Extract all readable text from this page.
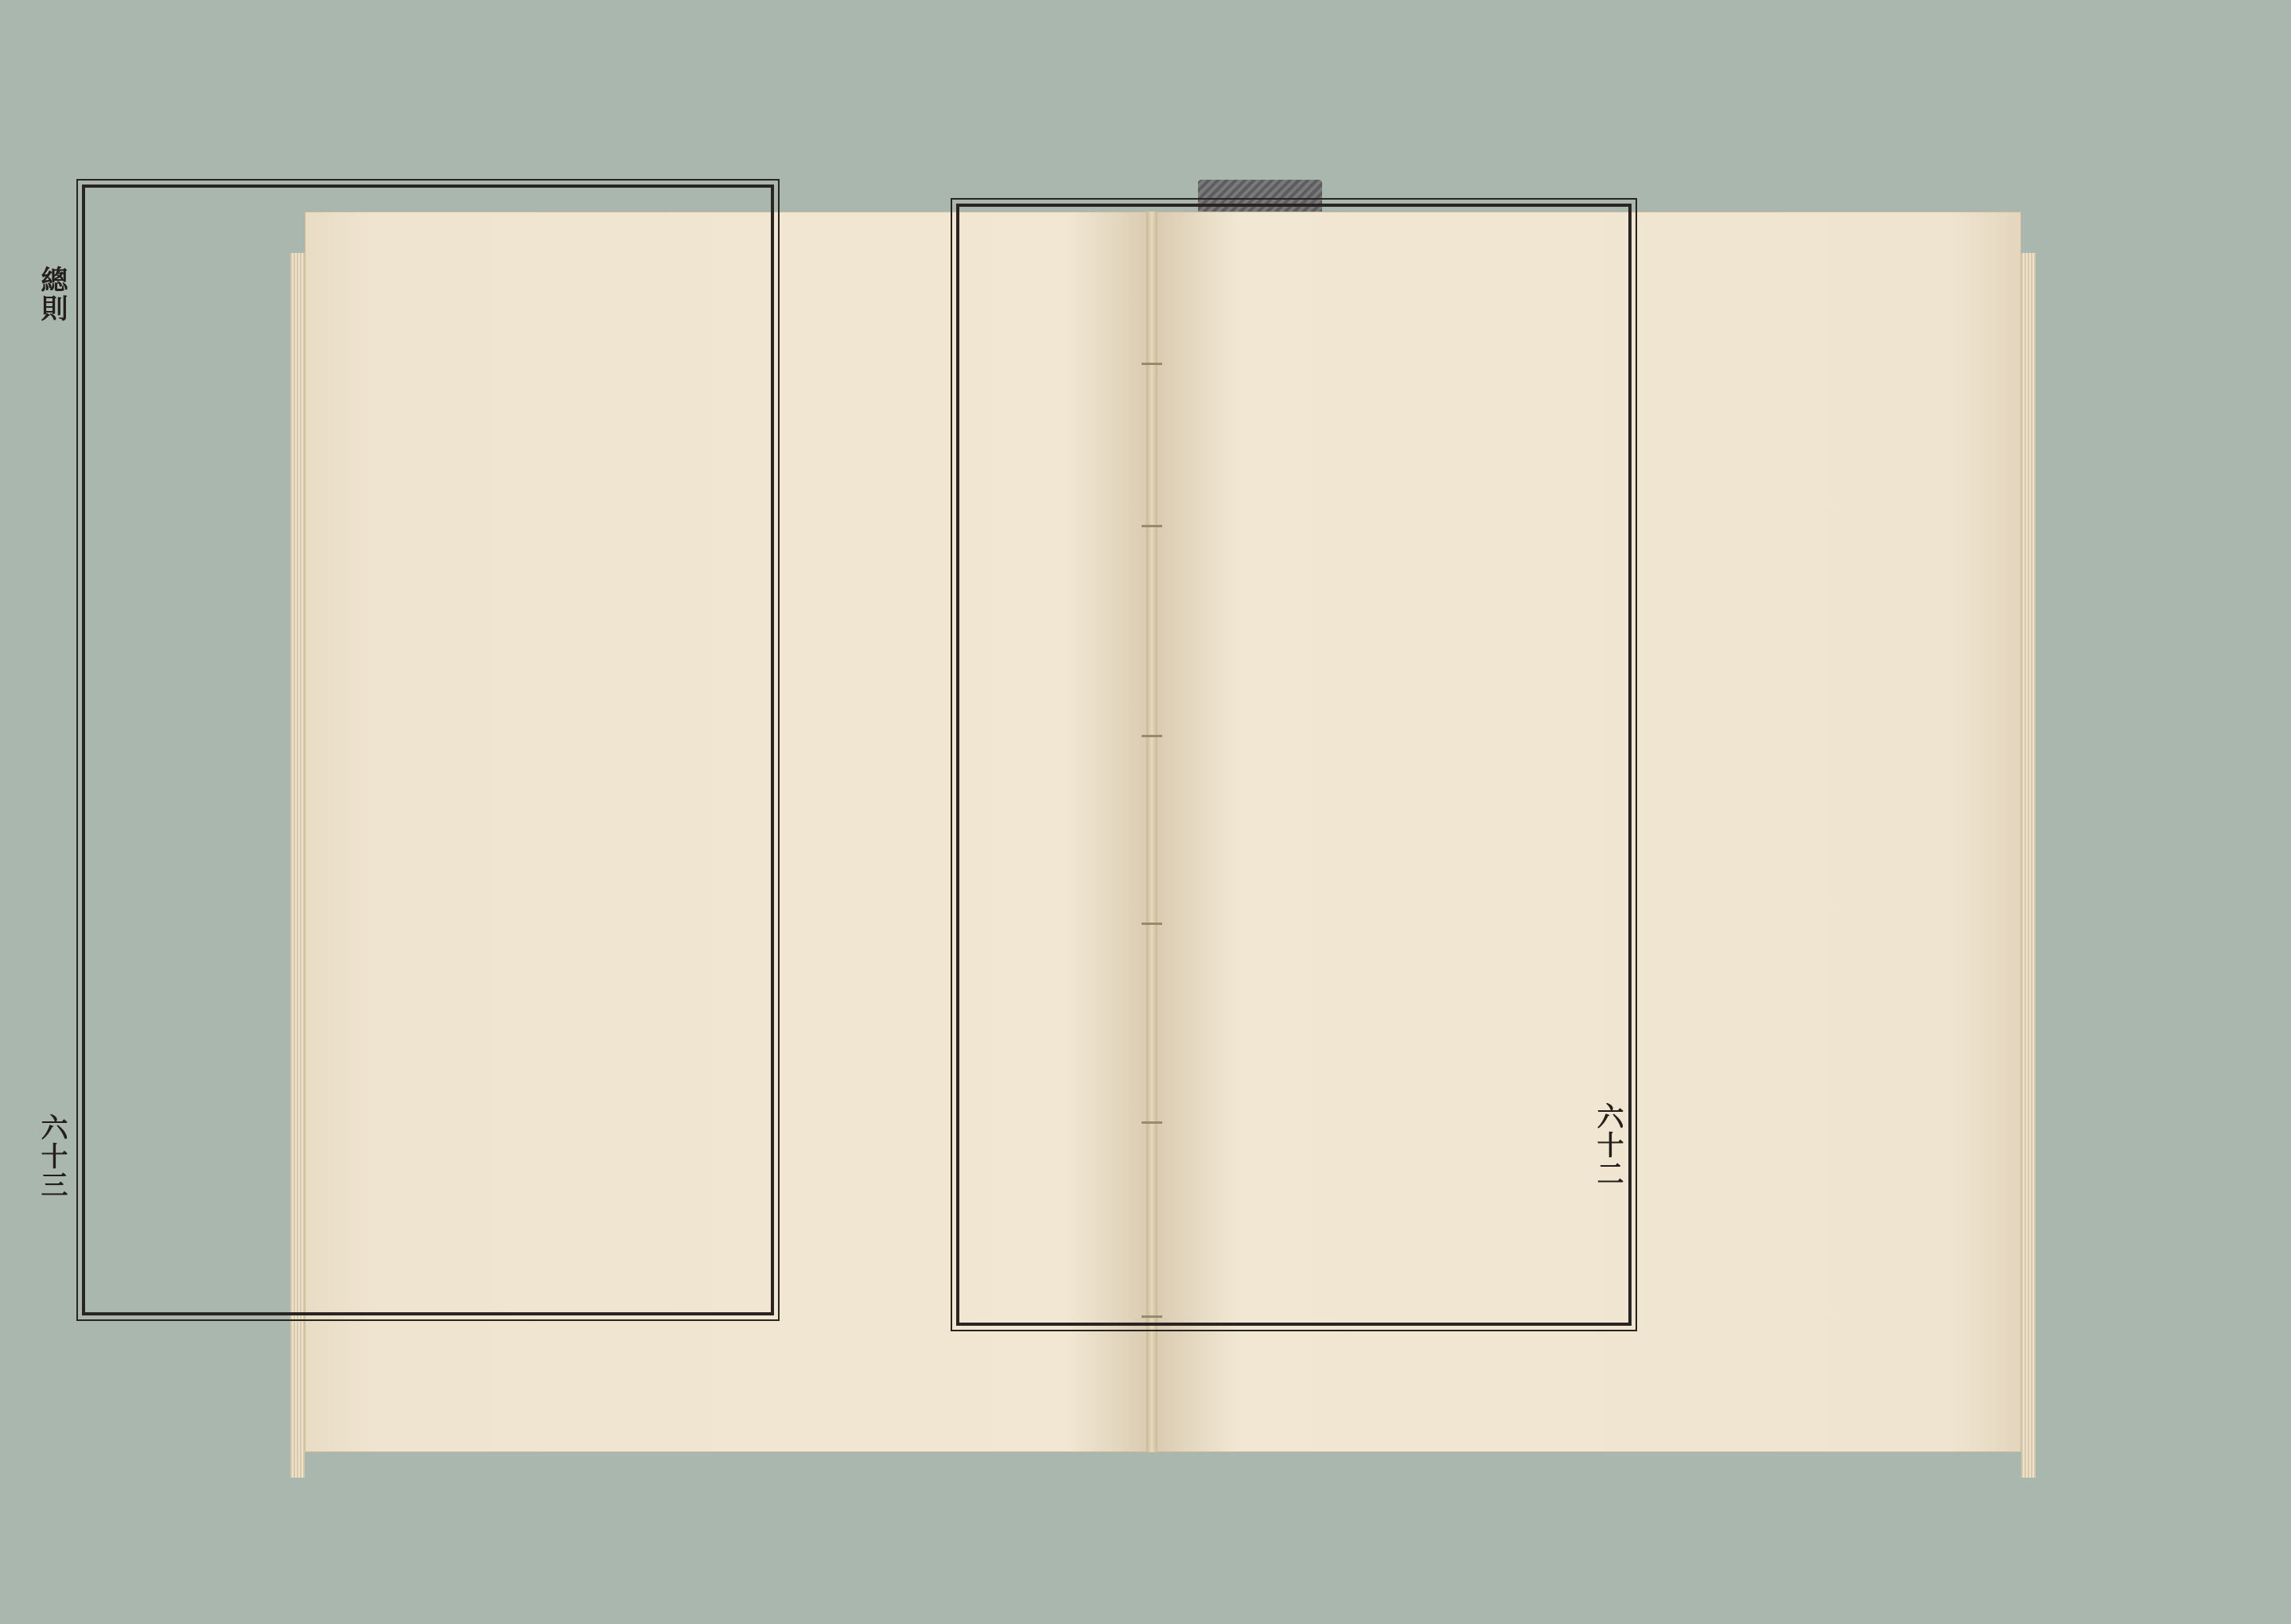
總則
六十三	六十二
